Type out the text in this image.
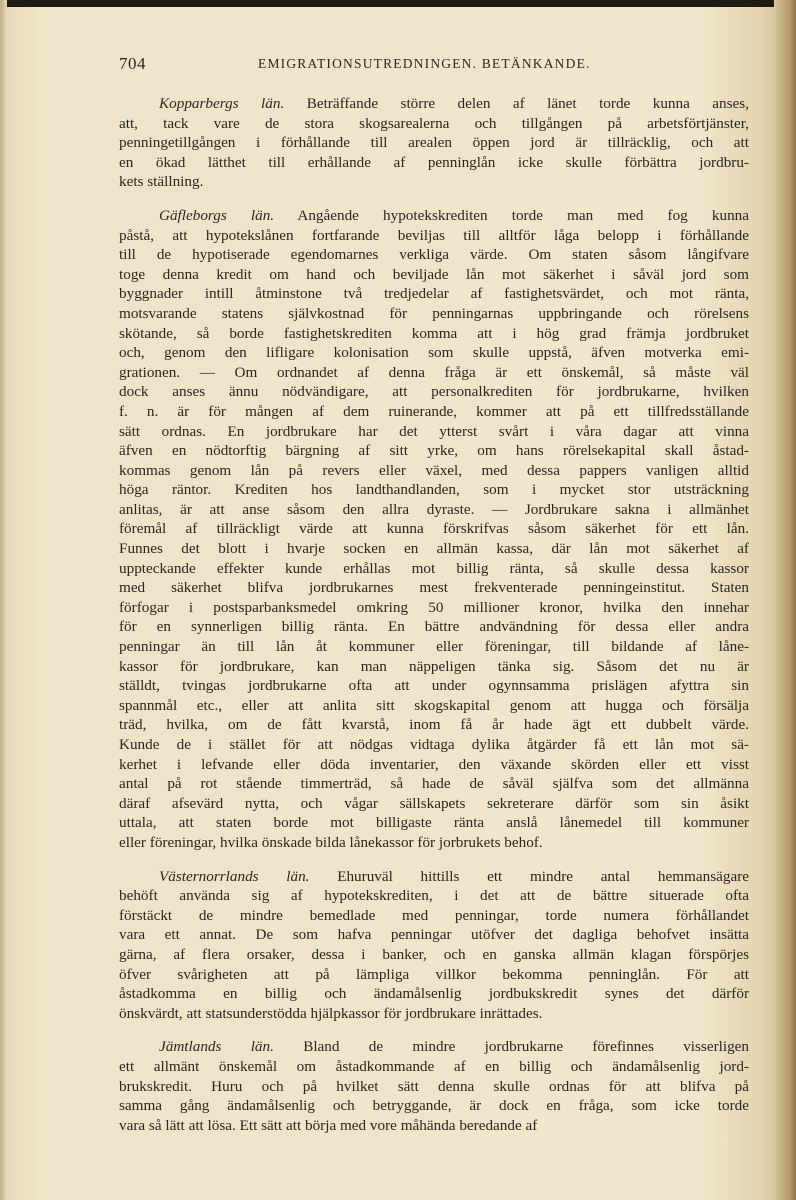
704	EMIGRATIONSUTREDNINGEN. BETÄNKANDE.
Kopparbergs län. Beträffande större delen af länet torde kunna anses,
att, tack vare de stora skogsarealerna och tillgången på arbetsförtjänster,
penningetillgången i förhållande till arealen öppen jord är tillräcklig, och att
en ökad lätthet till erhållande af penninglån icke skulle förbättra jordbru-
kets ställning.
Gäfleborgs län. Angående hypotekskrediten torde man med fog kunna
påstå, att hypotekslånen fortfarande beviljas till alltför låga belopp i förhållande
till de hypotiserade egendomarnes verkliga värde. Om staten såsom långifvare
toge denna kredit om hand och beviljade lån mot säkerhet i såväl jord som
byggnader intill åtminstone två tredjedelar af fastighetsvärdet, och mot ränta,
motsvarande statens självkostnad för penningarnas uppbringande och rörelsens
skötande, så borde fastighetskrediten komma att i hög grad främja jordbruket
och, genom den lifligare kolonisation som skulle uppstå, äfven motverka emi-
grationen. — Om ordnandet af denna fråga är ett önskemål, så måste väl
dock anses ännu nödvändigare, att personalkrediten för jordbrukarne, hvilken
f. n. är för mången af dem ruinerande, kommer att på ett tillfredsställande
sätt ordnas. En jordbrukare har det ytterst svårt i våra dagar att vinna
äfven en nödtorftig bärgning af sitt yrke, om hans rörelsekapital skall åstad-
kommas genom lån på revers eller växel, med dessa pappers vanligen alltid
höga räntor. Krediten hos landthandlanden, som i mycket stor utsträckning
anlitas, är att anse såsom den allra dyraste. — Jordbrukare sakna i allmänhet
föremål af tillräckligt värde att kunna förskrifvas såsom säkerhet för ett lån.
Funnes det blott i hvarje socken en allmän kassa, där lån mot säkerhet af
uppteckande effekter kunde erhållas mot billig ränta, så skulle dessa kassor
med säkerhet blifva jordbrukarnes mest frekventerade penningeinstitut. Staten
förfogar i postsparbanksmedel omkring 50 millioner kronor, hvilka den innehar
för en synnerligen billig ränta. En bättre andvändning för dessa eller andra
penningar än till lån åt kommuner eller föreningar, till bildande af låne-
kassor för jordbrukare, kan man näppeligen tänka sig. Såsom det nu är
ställdt, tvingas jordbrukarne ofta att under ogynnsamma prislägen afyttra sin
spannmål etc., eller att anlita sitt skogskapital genom att hugga och försälja
träd, hvilka, om de fått kvarstå, inom få år hade ägt ett dubbelt värde.
Kunde de i stället för att nödgas vidtaga dylika åtgärder få ett lån mot sä-
kerhet i lefvande eller döda inventarier, den växande skörden eller ett visst
antal på rot stående timmerträd, så hade de såväl själfva som det allmänna
däraf afsevärd nytta, och vågar sällskapets sekreterare därför som sin åsikt
uttala, att staten borde mot billigaste ränta anslå lånemedel till kommuner
eller föreningar, hvilka önskade bilda lånekassor för jorbrukets behof.
Västernorrlands län. Ehuruväl hittills ett mindre antal hemmansägare
behöft använda sig af hypotekskrediten, i det att de bättre situerade ofta
förstäckt de mindre bemedlade med penningar, torde numera förhållandet
vara ett annat. De som hafva penningar utöfver det dagliga behofvet insätta
gärna, af flera orsaker, dessa i banker, och en ganska allmän klagan förspörjes
öfver svårigheten att på lämpliga villkor bekomma penninglån. För att
åstadkomma en billig och ändamålsenlig jordbukskredit synes det därför
önskvärdt, att statsunderstödda hjälpkassor för jordbrukare inrättades.
Jämtlands län. Bland de mindre jordbrukarne förefinnes visserligen
ett allmänt önskemål om åstadkommande af en billig och ändamålsenlig jord-
brukskredit. Huru och på hvilket sätt denna skulle ordnas för att blifva på
samma gång ändamålsenlig och betryggande, är dock en fråga, som icke torde
vara så lätt att lösa. Ett sätt att börja med vore måhända beredande af
